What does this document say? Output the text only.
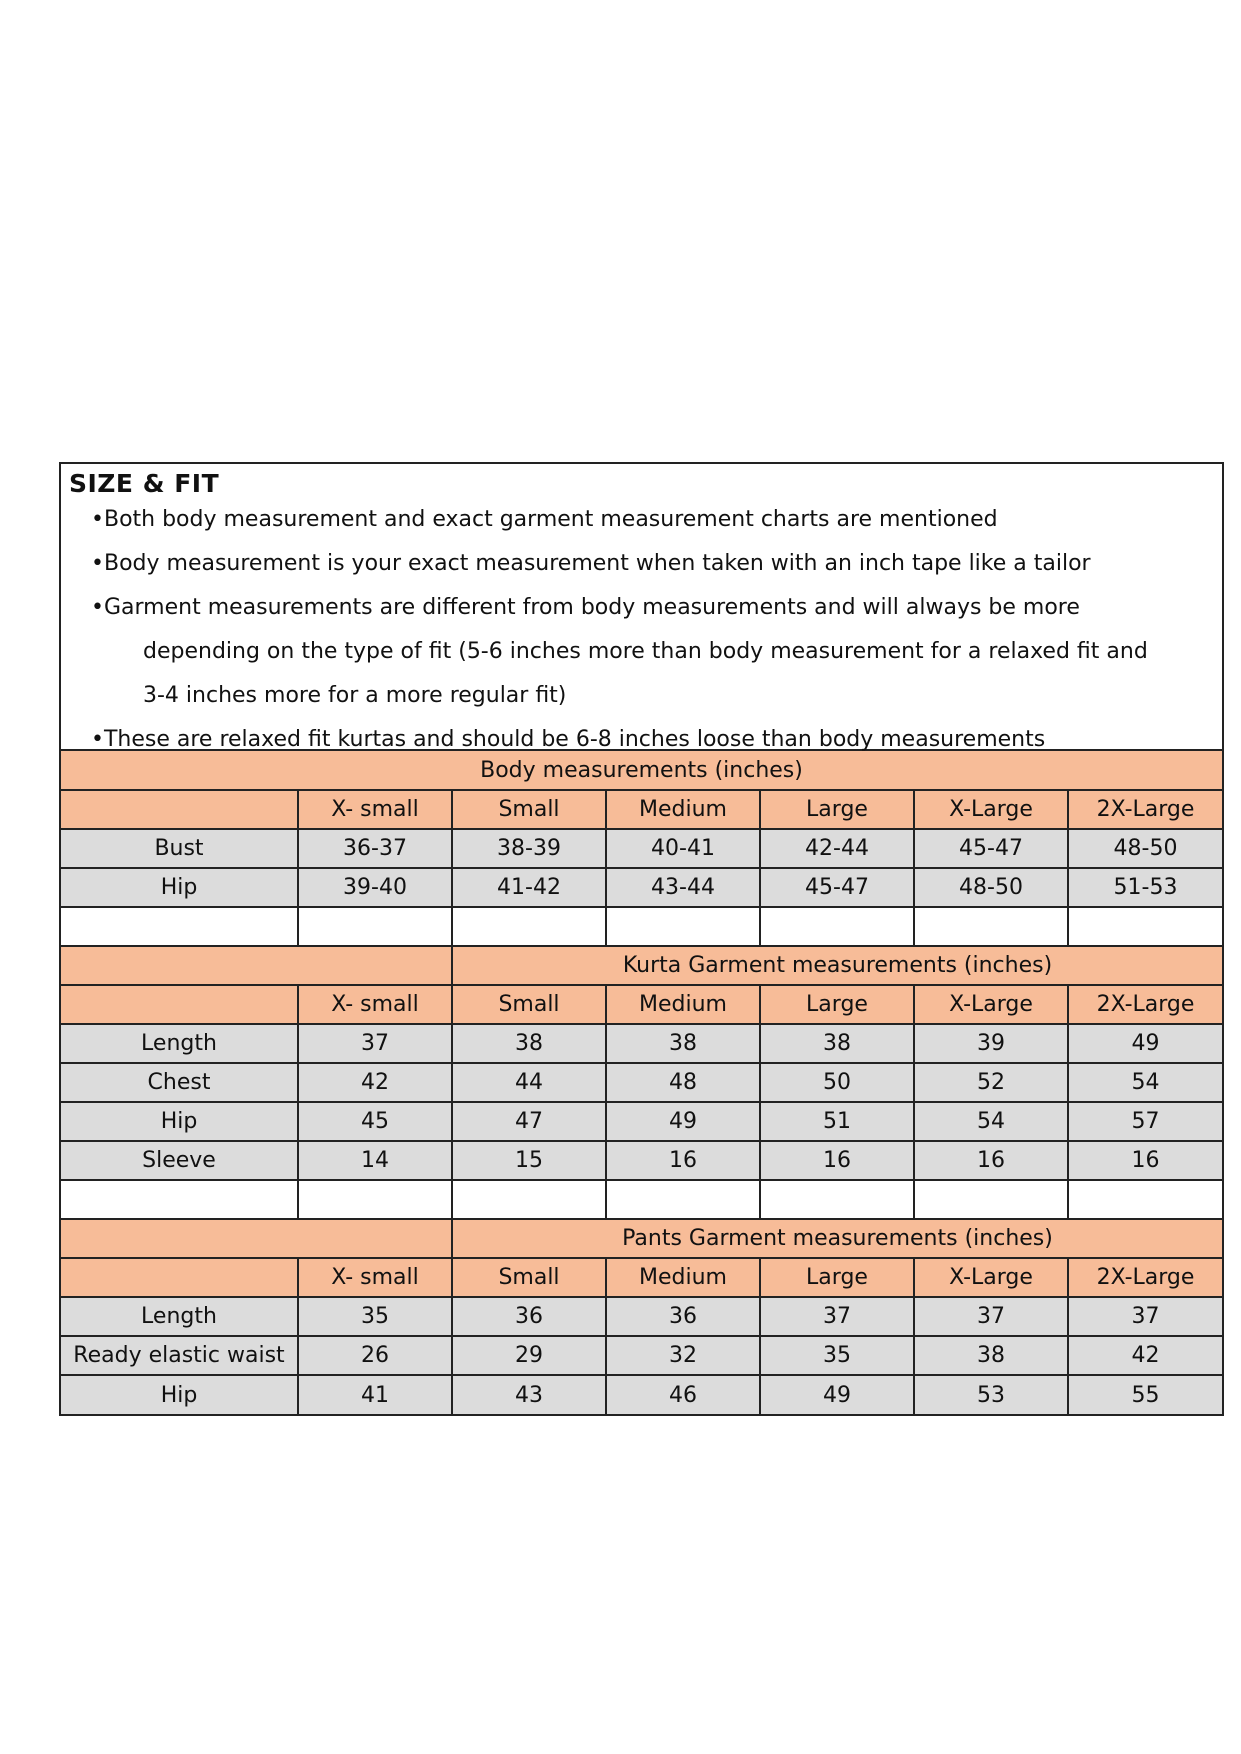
SIZE & FIT
•Both body measurement and exact garment measurement charts are mentioned
•Body measurement is your exact measurement when taken with an inch tape like a tailor
•Garment measurements are different from body measurements and will always be more
depending on the type of fit (5-6 inches more than body measurement for a relaxed fit and
3-4 inches more for a more regular fit)
•These are relaxed fit kurtas and should be 6-8 inches loose than body measurements
Body measurements (inches)						
	X- small	Small	Medium	Large	X-Large	2X-Large
Bust	36-37	38-39	40-41	42-44	45-47	48-50
Hip	39-40	41-42	43-44	45-47	48-50	51-53

		Kurta Garment measurements (inches)				
	X- small	Small	Medium	Large	X-Large	2X-Large
Length	37	38	38	38	39	49
Chest	42	44	48	50	52	54
Hip	45	47	49	51	54	57
Sleeve	14	15	16	16	16	16

		Pants Garment measurements (inches)				
	X- small	Small	Medium	Large	X-Large	2X-Large
Length	35	36	36	37	37	37
Ready elastic waist	26	29	32	35	38	42
Hip	41	43	46	49	53	55
